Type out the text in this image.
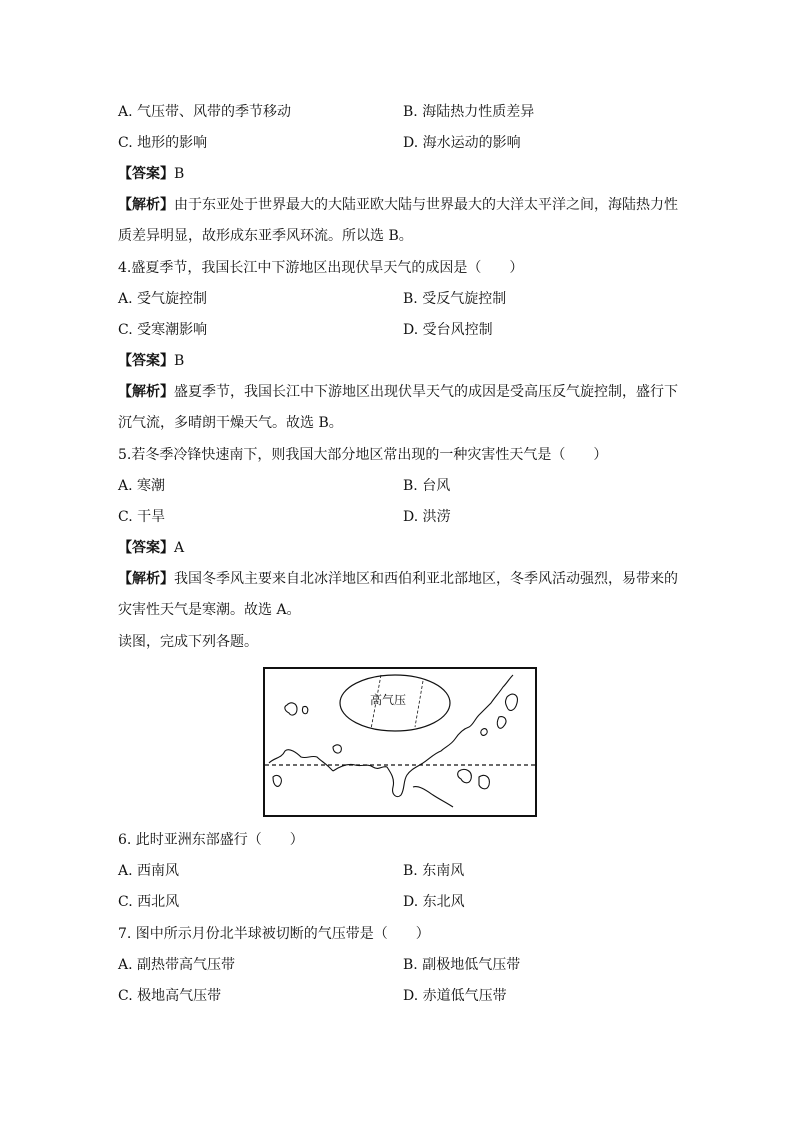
A. 气压带、风带的季节移动	B. 海陆热力性质差异
C. 地形的影响	D. 海水运动的影响
【答案】B
【解析】由于东亚处于世界最大的大陆亚欧大陆与世界最大的大洋太平洋之间，海陆热力性质差异明显，故形成东亚季风环流。所以选 B。
4.盛夏季节，我国长江中下游地区出现伏旱天气的成因是（　　）
A. 受气旋控制	B. 受反气旋控制
C. 受寒潮影响	D. 受台风控制
【答案】B
【解析】盛夏季节，我国长江中下游地区出现伏旱天气的成因是受高压反气旋控制，盛行下沉气流，多晴朗干燥天气。故选 B。
5.若冬季冷锋快速南下，则我国大部分地区常出现的一种灾害性天气是（　　）
A. 寒潮	B. 台风
C. 干旱	D. 洪涝
【答案】A
【解析】我国冬季风主要来自北冰洋地区和西伯利亚北部地区，冬季风活动强烈，易带来的灾害性天气是寒潮。故选 A。
读图，完成下列各题。
高气压
6. 此时亚洲东部盛行（　　）
A. 西南风	B. 东南风
C. 西北风	D. 东北风
7. 图中所示月份北半球被切断的气压带是（　　）
A. 副热带高气压带	B. 副极地低气压带
C. 极地高气压带	D. 赤道低气压带
